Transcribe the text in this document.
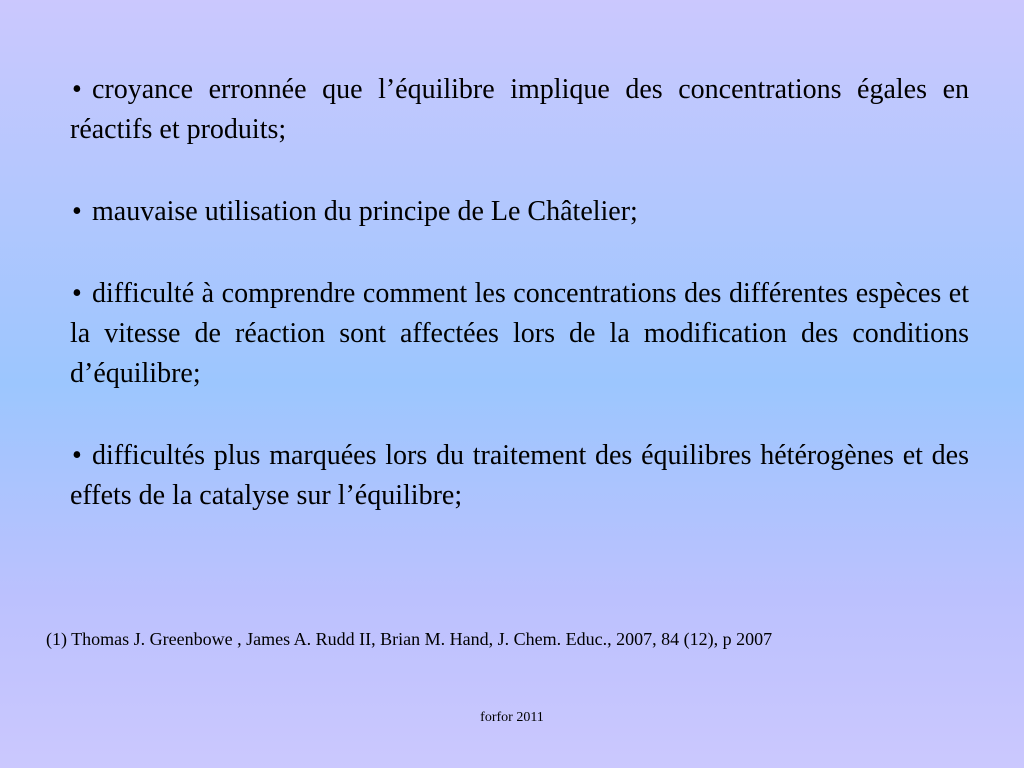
• croyance erronnée que l’équilibre implique des concentrations égales en réactifs et produits;
• mauvaise utilisation du principe de Le Châtelier;
• difficulté à comprendre comment les concentrations des différentes espèces et la vitesse de réaction sont affectées lors de la modification des conditions d’équilibre;
• difficultés plus marquées lors du traitement des équilibres hétérogènes et des effets de la catalyse sur l’équilibre;
(1) Thomas J. Greenbowe , James A. Rudd II, Brian M. Hand, J. Chem. Educ., 2007, 84 (12), p 2007
forfor 2011
